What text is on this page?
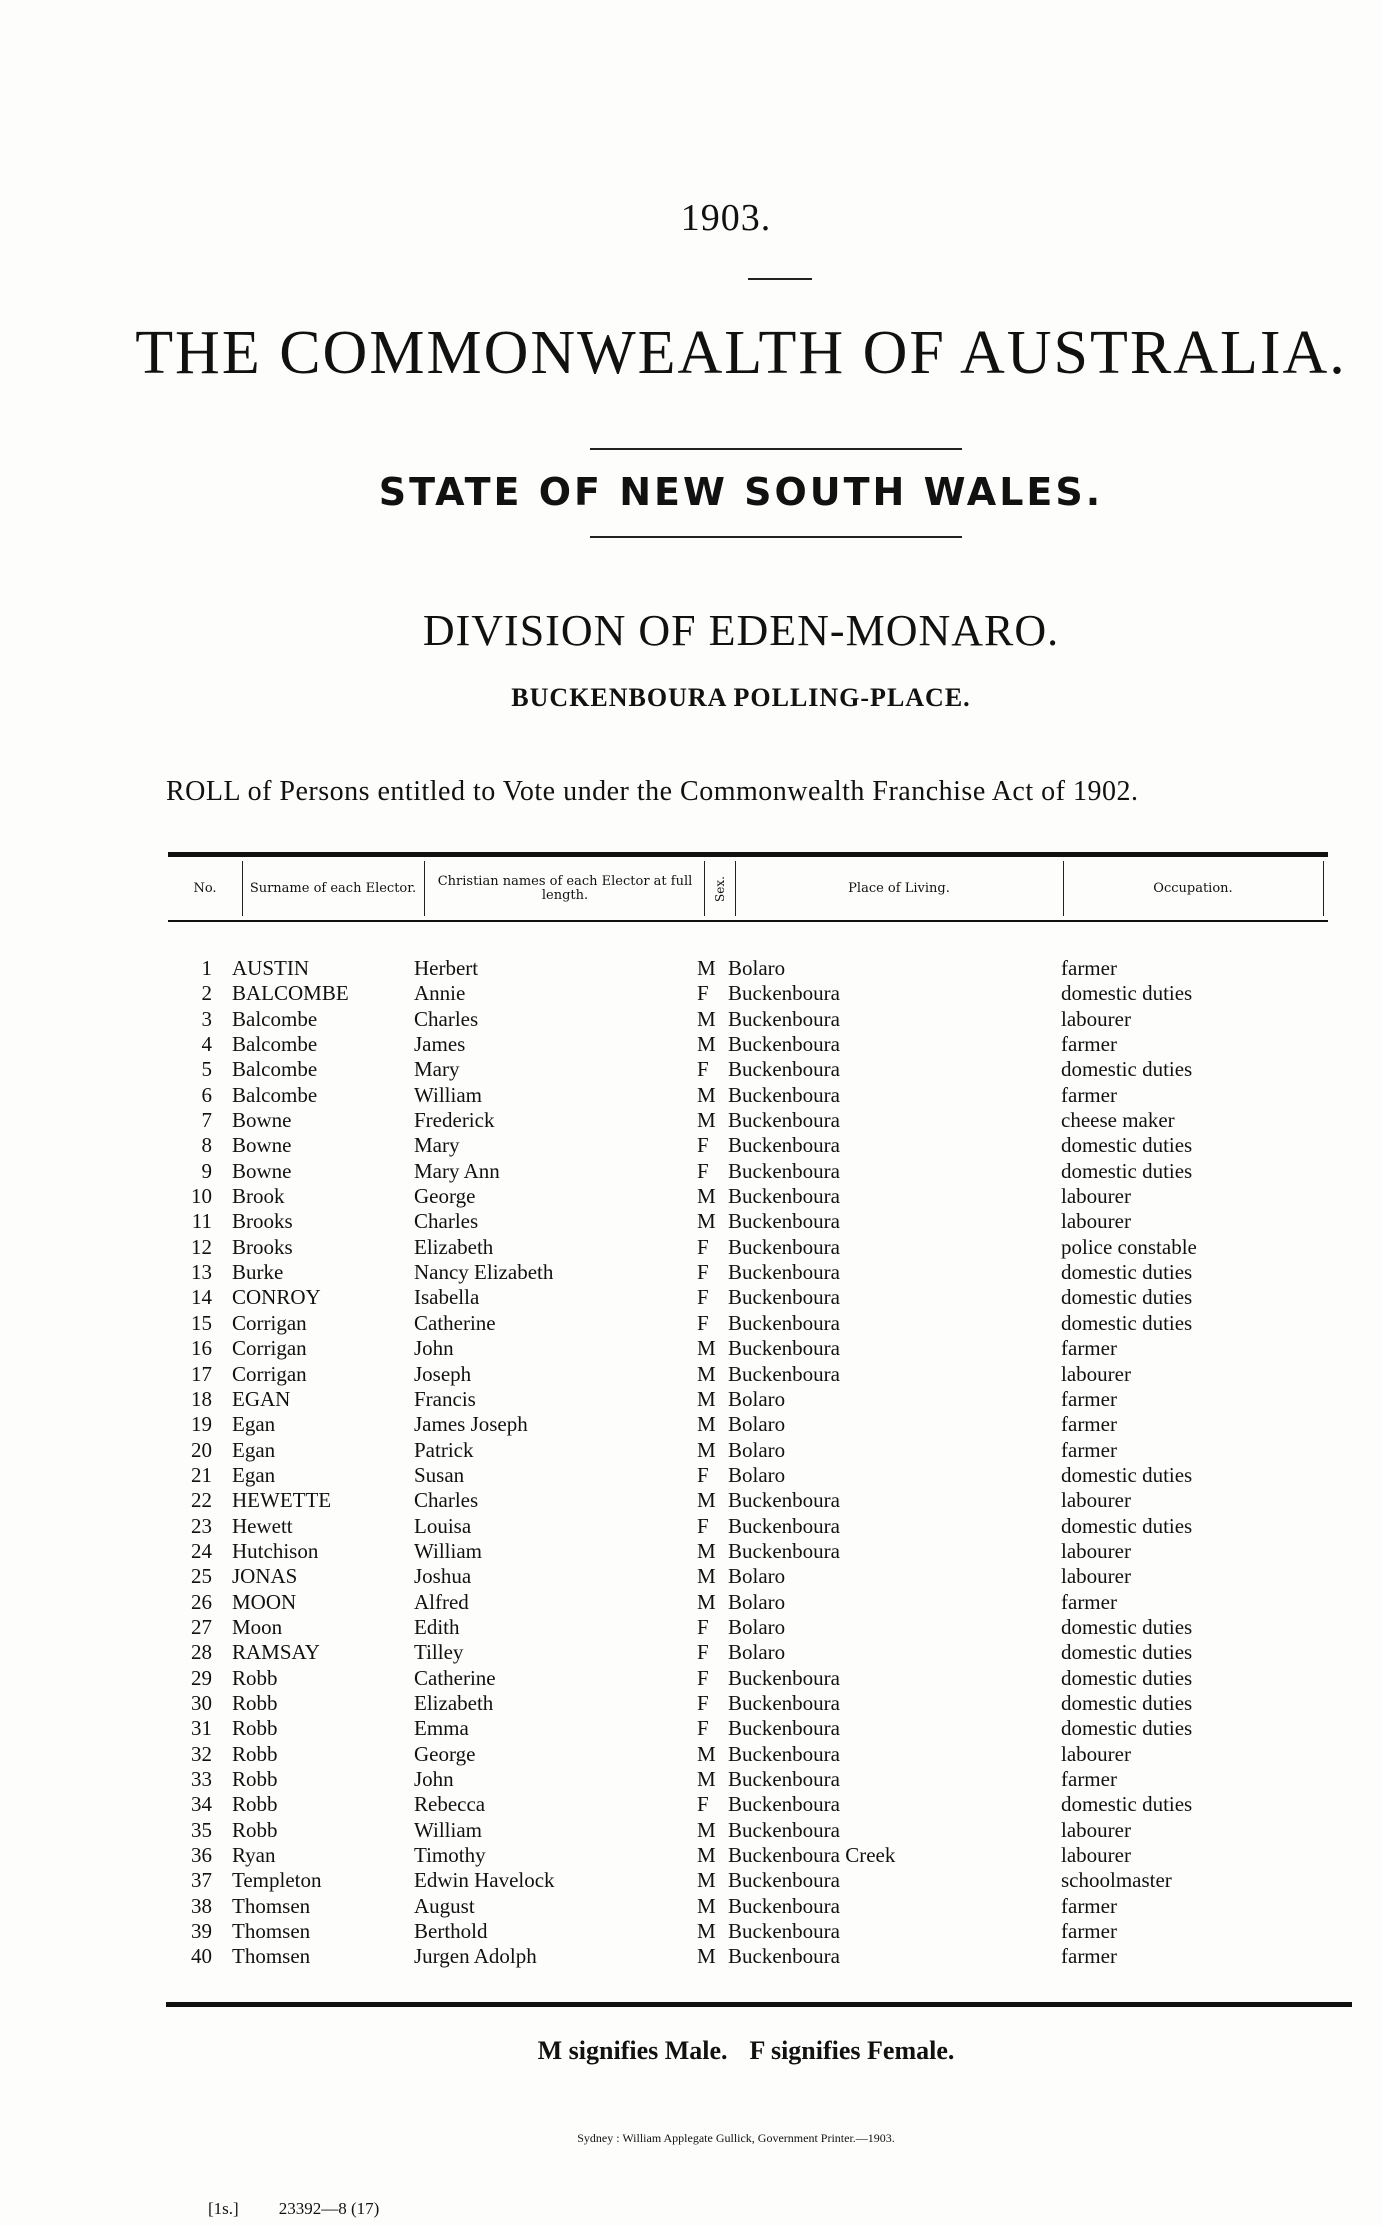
1903.
THE COMMONWEALTH OF AUSTRALIA.
STATE OF NEW SOUTH WALES.
DIVISION OF EDEN-MONARO.
BUCKENBOURA POLLING-PLACE.
ROLL of Persons entitled to Vote under the Commonwealth Franchise Act of 1902.
No.	Surname of each Elector.	Christian names of each Elector at full length.	Sex.	Place of Living.	Occupation.
1 AUSTIN	Herbert	M Bolaro	farmer
2 BALCOMBE	Annie	F Buckenboura	domestic duties
3 Balcombe	Charles	M Buckenboura	labourer
4 Balcombe	James	M Buckenboura	farmer
5 Balcombe	Mary	F Buckenboura	domestic duties
6 Balcombe	William	M Buckenboura	farmer
7 Bowne	Frederick	M Buckenboura	cheese maker
8 Bowne	Mary	F Buckenboura	domestic duties
9 Bowne	Mary Ann	F Buckenboura	domestic duties
10 Brook	George	M Buckenboura	labourer
11 Brooks	Charles	M Buckenboura	labourer
12 Brooks	Elizabeth	F Buckenboura	police constable
13 Burke	Nancy Elizabeth	F Buckenboura	domestic duties
14 CONROY	Isabella	F Buckenboura	domestic duties
15 Corrigan	Catherine	F Buckenboura	domestic duties
16 Corrigan	John	M Buckenboura	farmer
17 Corrigan	Joseph	M Buckenboura	labourer
18 EGAN	Francis	M Bolaro	farmer
19 Egan	James Joseph	M Bolaro	farmer
20 Egan	Patrick	M Bolaro	farmer
21 Egan	Susan	F Bolaro	domestic duties
22 HEWETTE	Charles	M Buckenboura	labourer
23 Hewett	Louisa	F Buckenboura	domestic duties
24 Hutchison	William	M Buckenboura	labourer
25 JONAS	Joshua	M Bolaro	labourer
26 MOON	Alfred	M Bolaro	farmer
27 Moon	Edith	F Bolaro	domestic duties
28 RAMSAY	Tilley	F Bolaro	domestic duties
29 Robb	Catherine	F Buckenboura	domestic duties
30 Robb	Elizabeth	F Buckenboura	domestic duties
31 Robb	Emma	F Buckenboura	domestic duties
32 Robb	George	M Buckenboura	labourer
33 Robb	John	M Buckenboura	farmer
34 Robb	Rebecca	F Buckenboura	domestic duties
35 Robb	William	M Buckenboura	labourer
36 Ryan	Timothy	M Buckenboura Creek	labourer
37 Templeton	Edwin Havelock	M Buckenboura	schoolmaster
38 Thomsen	August	M Buckenboura	farmer
39 Thomsen	Berthold	M Buckenboura	farmer
40 Thomsen	Jurgen Adolph	M Buckenboura	farmer
M signifies Male. F signifies Female.
Sydney : William Applegate Gullick, Government Printer.—1903.
[1s.] 23392—8 (17)
